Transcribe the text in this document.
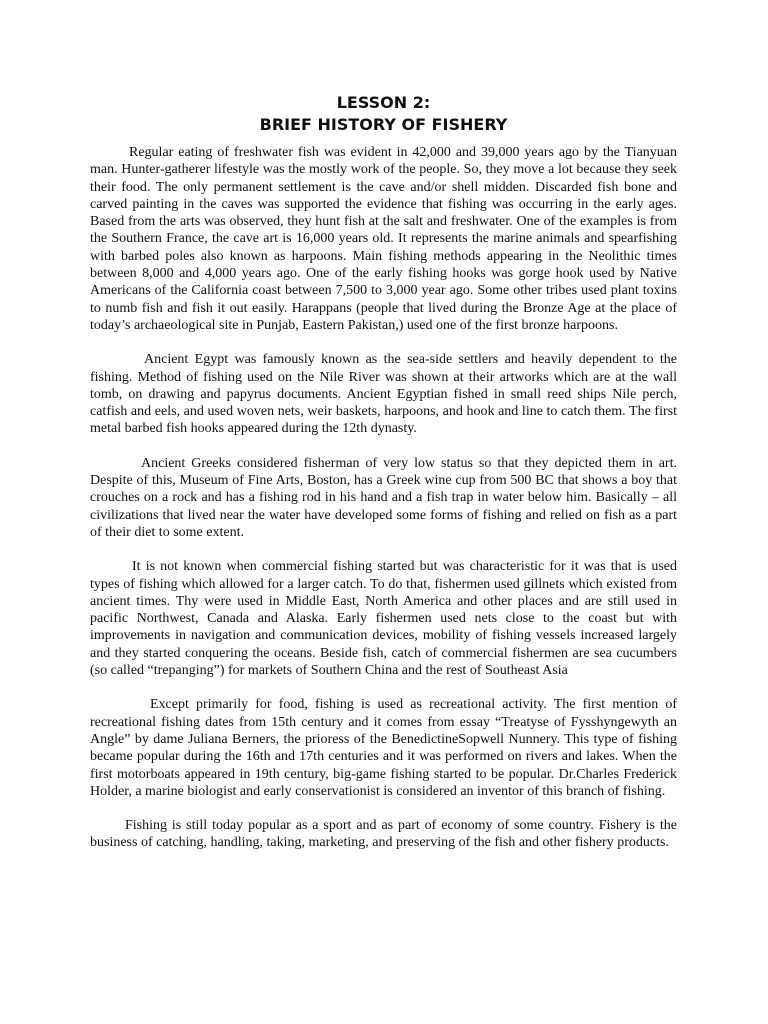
LESSON 2:
BRIEF HISTORY OF FISHERY

Regular eating of freshwater fish was evident in 42,000 and 39,000 years ago by the Tianyuan man. Hunter-gatherer lifestyle was the mostly work of the people. So, they move a lot because they seek their food. The only permanent settlement is the cave and/or shell midden. Discarded fish bone and carved painting in the caves was supported the evidence that fishing was occurring in the early ages. Based from the arts was observed, they hunt fish at the salt and freshwater. One of the examples is from the Southern France, the cave art is 16,000 years old. It represents the marine animals and spearfishing with barbed poles also known as harpoons. Main fishing methods appearing in the Neolithic times between 8,000 and 4,000 years ago. One of the early fishing hooks was gorge hook used by Native Americans of the California coast between 7,500 to 3,000 year ago. Some other tribes used plant toxins to numb fish and fish it out easily. Harappans (people that lived during the Bronze Age at the place of today’s archaeological site in Punjab, Eastern Pakistan,) used one of the first bronze harpoons.

Ancient Egypt was famously known as the sea-side settlers and heavily dependent to the fishing. Method of fishing used on the Nile River was shown at their artworks which are at the wall tomb, on drawing and papyrus documents. Ancient Egyptian fished in small reed ships Nile perch, catfish and eels, and used woven nets, weir baskets, harpoons, and hook and line to catch them. The first metal barbed fish hooks appeared during the 12th dynasty.

Ancient Greeks considered fisherman of very low status so that they depicted them in art. Despite of this, Museum of Fine Arts, Boston, has a Greek wine cup from 500 BC that shows a boy that crouches on a rock and has a fishing rod in his hand and a fish trap in water below him. Basically – all civilizations that lived near the water have developed some forms of fishing and relied on fish as a part of their diet to some extent.

It is not known when commercial fishing started but was characteristic for it was that is used types of fishing which allowed for a larger catch. To do that, fishermen used gillnets which existed from ancient times. Thy were used in Middle East, North America and other places and are still used in pacific Northwest, Canada and Alaska. Early fishermen used nets close to the coast but with improvements in navigation and communication devices, mobility of fishing vessels increased largely and they started conquering the oceans. Beside fish, catch of commercial fishermen are sea cucumbers (so called “trepanging”) for markets of Southern China and the rest of Southeast Asia

Except primarily for food, fishing is used as recreational activity. The first mention of recreational fishing dates from 15th century and it comes from essay “Treatyse of Fysshyngewyth an Angle” by dame Juliana Berners, the prioress of the BenedictineSopwell Nunnery. This type of fishing became popular during the 16th and 17th centuries and it was performed on rivers and lakes. When the first motorboats appeared in 19th century, big-game fishing started to be popular. Dr.Charles Frederick Holder, a marine biologist and early conservationist is considered an inventor of this branch of fishing.

Fishing is still today popular as a sport and as part of economy of some country. Fishery is the business of catching, handling, taking, marketing, and preserving of the fish and other fishery products.
